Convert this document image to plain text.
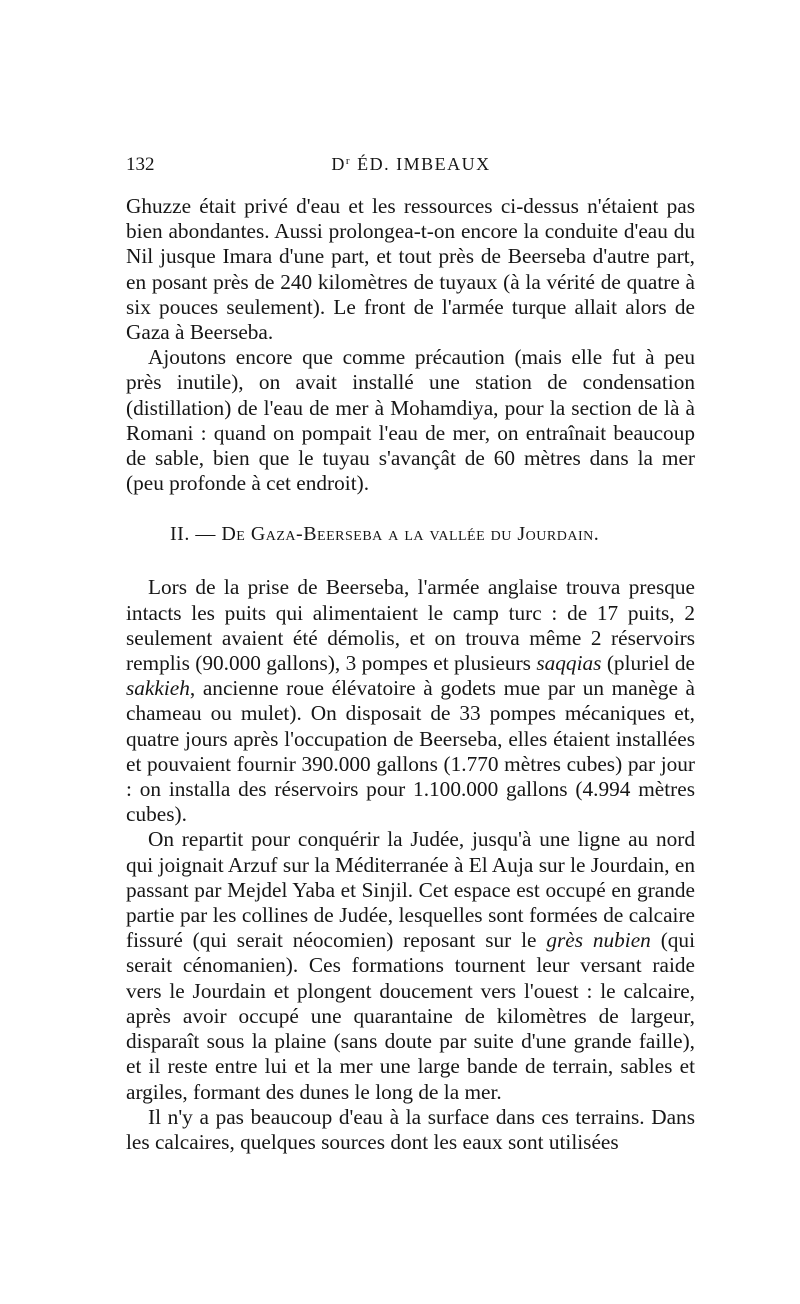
132	$D^r$ ÉD. IMBEAUX

Ghuzze était privé d'eau et les ressources ci-dessus n'étaient pas bien abondantes. Aussi prolongea-t-on encore la conduite d'eau du Nil jusque Imara d'une part, et tout près de Beerseba d'autre part, en posant près de 240 kilomètres de tuyaux (à la vérité de quatre à six pouces seulement). Le front de l'armée turque allait alors de Gaza à Beerseba.

Ajoutons encore que comme précaution (mais elle fut à peu près inutile), on avait installé une station de condensation (distillation) de l'eau de mer à Mohamdiya, pour la section de là à Romani : quand on pompait l'eau de mer, on entraînait beaucoup de sable, bien que le tuyau s'avançât de 60 mètres dans la mer (peu profonde à cet endroit).

II. — De Gaza-Beerseba a la vallée du Jourdain.

Lors de la prise de Beerseba, l'armée anglaise trouva presque intacts les puits qui alimentaient le camp turc : de 17 puits, 2 seulement avaient été démolis, et on trouva même 2 réservoirs remplis (90.000 gallons), 3 pompes et plusieurs saqqias (pluriel de sakkieh, ancienne roue élévatoire à godets mue par un manège à chameau ou mulet). On disposait de 33 pompes mécaniques et, quatre jours après l'occupation de Beerseba, elles étaient installées et pouvaient fournir 390.000 gallons (1.770 mètres cubes) par jour : on installa des réservoirs pour 1.100.000 gallons (4.994 mètres cubes).

On repartit pour conquérir la Judée, jusqu'à une ligne au nord qui joignait Arzuf sur la Méditerranée à El Auja sur le Jourdain, en passant par Mejdel Yaba et Sinjil. Cet espace est occupé en grande partie par les collines de Judée, lesquelles sont formées de calcaire fissuré (qui serait néocomien) reposant sur le grès nubien (qui serait cénomanien). Ces formations tournent leur versant raide vers le Jourdain et plongent doucement vers l'ouest : le calcaire, après avoir occupé une quarantaine de kilomètres de largeur, disparaît sous la plaine (sans doute par suite d'une grande faille), et il reste entre lui et la mer une large bande de terrain, sables et argiles, formant des dunes le long de la mer.

Il n'y a pas beaucoup d'eau à la surface dans ces terrains. Dans les calcaires, quelques sources dont les eaux sont utilisées
